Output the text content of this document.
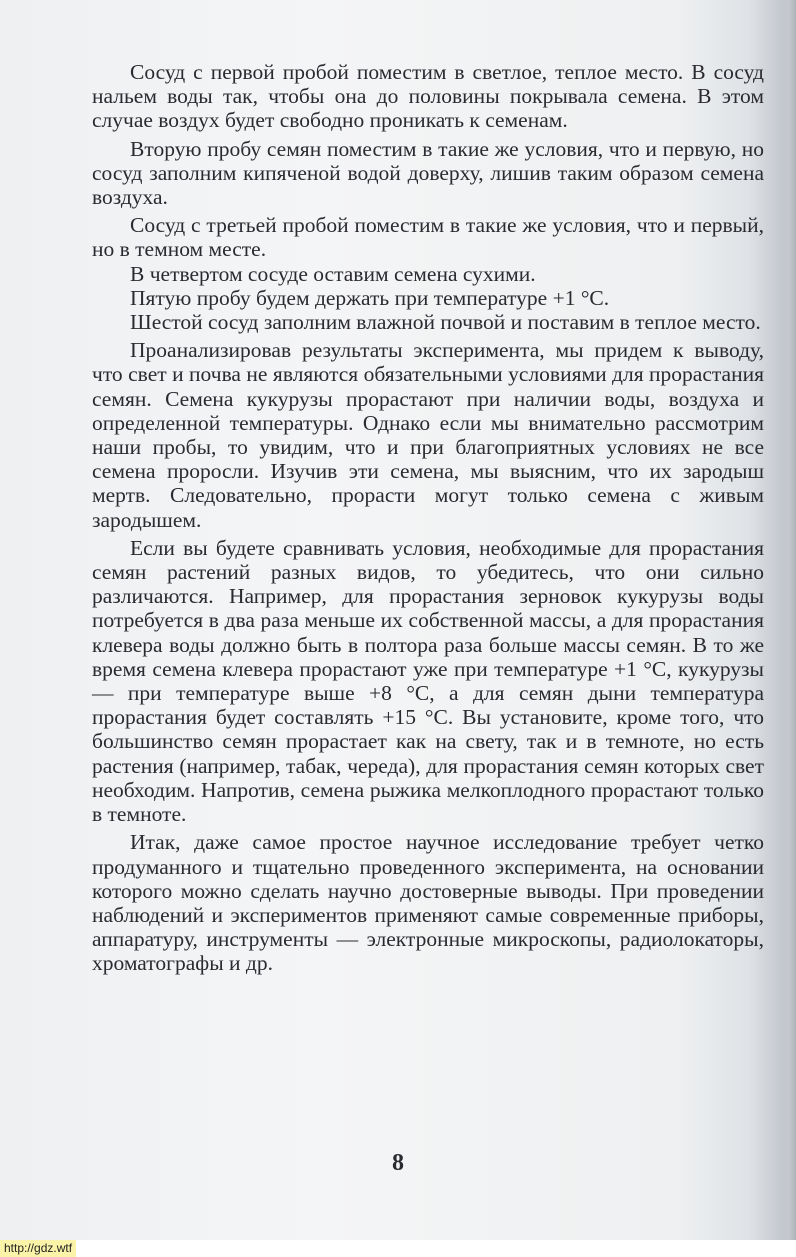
Сосуд с первой пробой поместим в светлое, теплое место. В сосуд нальем воды так, чтобы она до половины покрывала семена. В этом случае воздух будет свободно проникать к семенам.

Вторую пробу семян поместим в такие же условия, что и первую, но сосуд заполним кипяченой водой доверху, лишив таким образом семена воздуха.

Сосуд с третьей пробой поместим в такие же условия, что и первый, но в темном месте.

В четвертом сосуде оставим семена сухими.

Пятую пробу будем держать при температуре +1 °С.

Шестой сосуд заполним влажной почвой и поставим в теплое место.

Проанализировав результаты эксперимента, мы придем к выводу, что свет и почва не являются обязательными условиями для прорастания семян. Семена кукурузы прорастают при наличии воды, воздуха и определенной температуры. Однако если мы внимательно рассмотрим наши пробы, то увидим, что и при благоприятных условиях не все семена проросли. Изучив эти семена, мы выясним, что их зародыш мертв. Следовательно, прорасти могут только семена с живым зародышем.

Если вы будете сравнивать условия, необходимые для прорастания семян растений разных видов, то убедитесь, что они сильно различаются. Например, для прорастания зерновок кукурузы воды потребуется в два раза меньше их собственной массы, а для прорастания клевера воды должно быть в полтора раза больше массы семян. В то же время семена клевера прорастают уже при температуре +1 °С, кукурузы — при температуре выше +8 °С, а для семян дыни температура прорастания будет составлять +15 °С. Вы установите, кроме того, что большинство семян прорастает как на свету, так и в темноте, но есть растения (например, табак, череда), для прорастания семян которых свет необходим. Напротив, семена рыжика мелкоплодного прорастают только в темноте.

Итак, даже самое простое научное исследование требует четко продуманного и тщательно проведенного эксперимента, на основании которого можно сделать научно достоверные выводы. При проведении наблюдений и экспериментов применяют самые современные приборы, аппаратуру, инструменты — электронные микроскопы, радиолокаторы, хроматографы и др.

8
http://gdz.wtf
